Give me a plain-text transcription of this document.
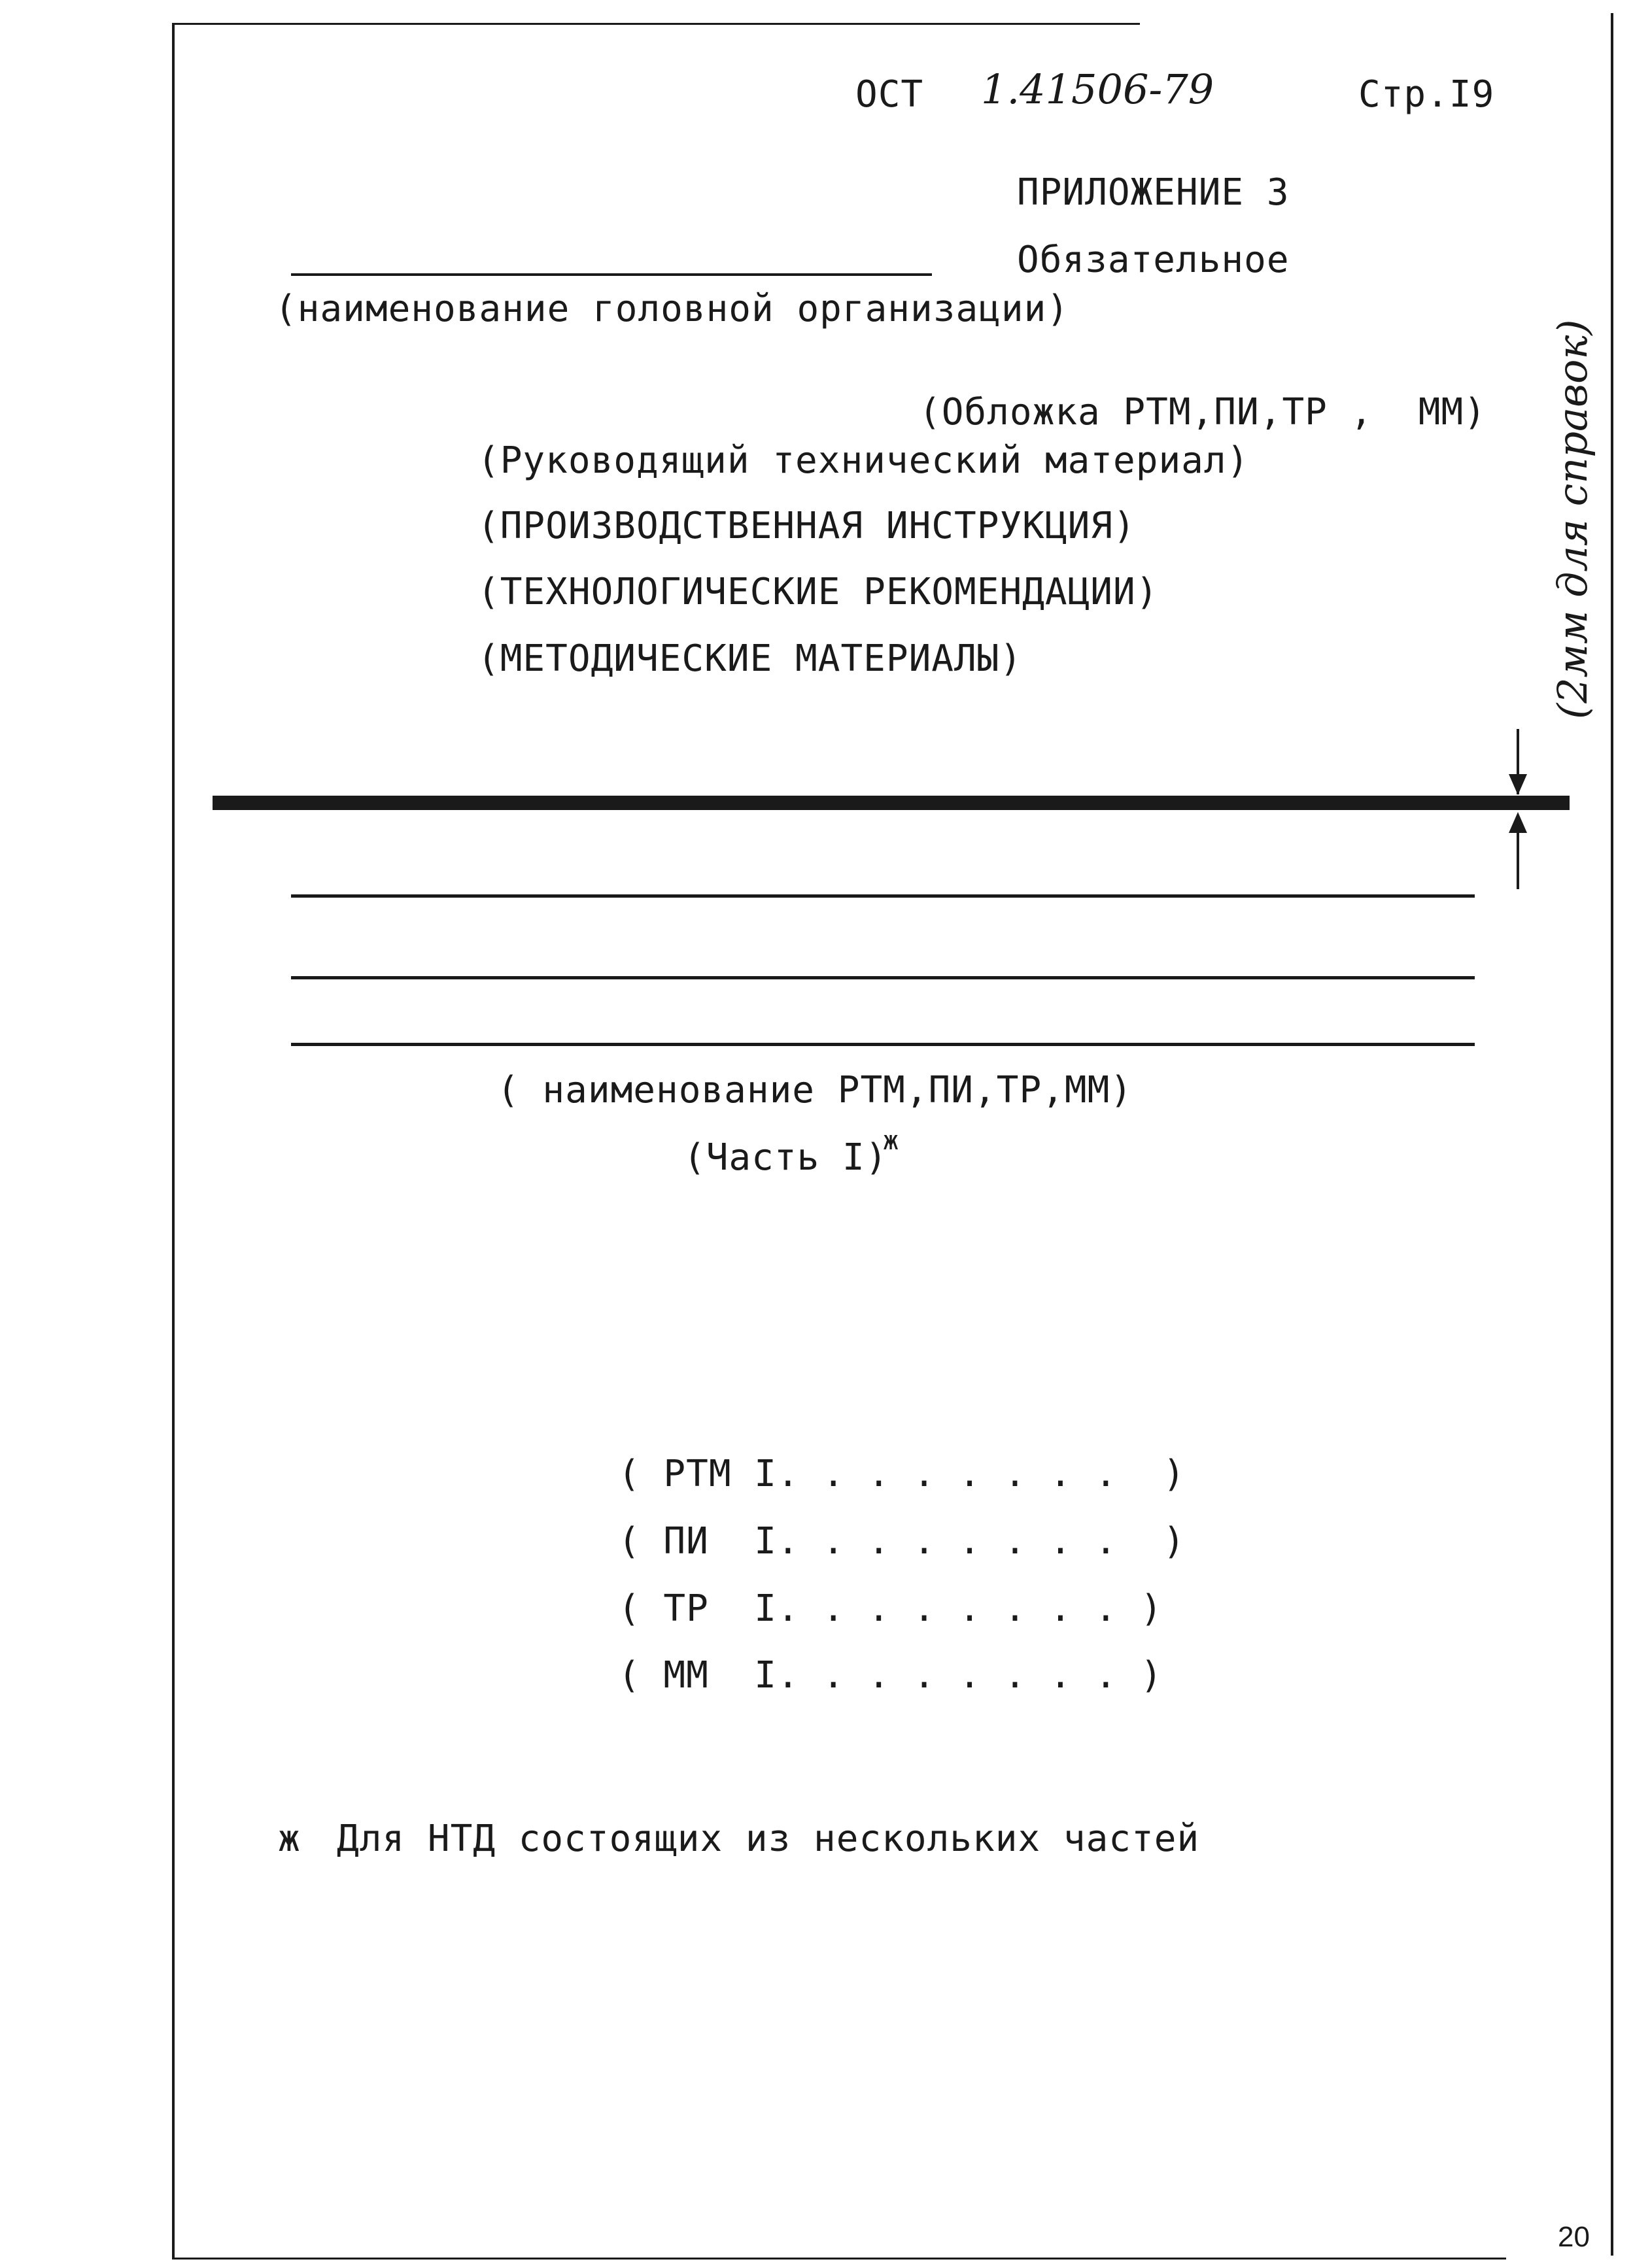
ОСТ 1.41506-79	Стр.I9
ПРИЛОЖЕНИЕ 3
Обязательное
(наименование головной организации)
(Обложка РТМ,ПИ,ТР ,  ММ)
(Руководящий технический материал)
(ПРОИЗВОДСТВЕННАЯ ИНСТРУКЦИЯ)
(ТЕХНОЛОГИЧЕСКИЕ РЕКОМЕНДАЦИИ)
(МЕТОДИЧЕСКИЕ МАТЕРИАЛЫ)

	(2мм для справок)

( наименование РТМ,ПИ,ТР,ММ)
(Часть I)
ж
( РТМ I. . . . . . . .  )
( ПИ  I. . . . . . . .  )
( ТР  I. . . . . . . . )
( ММ  I. . . . . . . . )
ж Для НТД состоящих из нескольких частей
20
